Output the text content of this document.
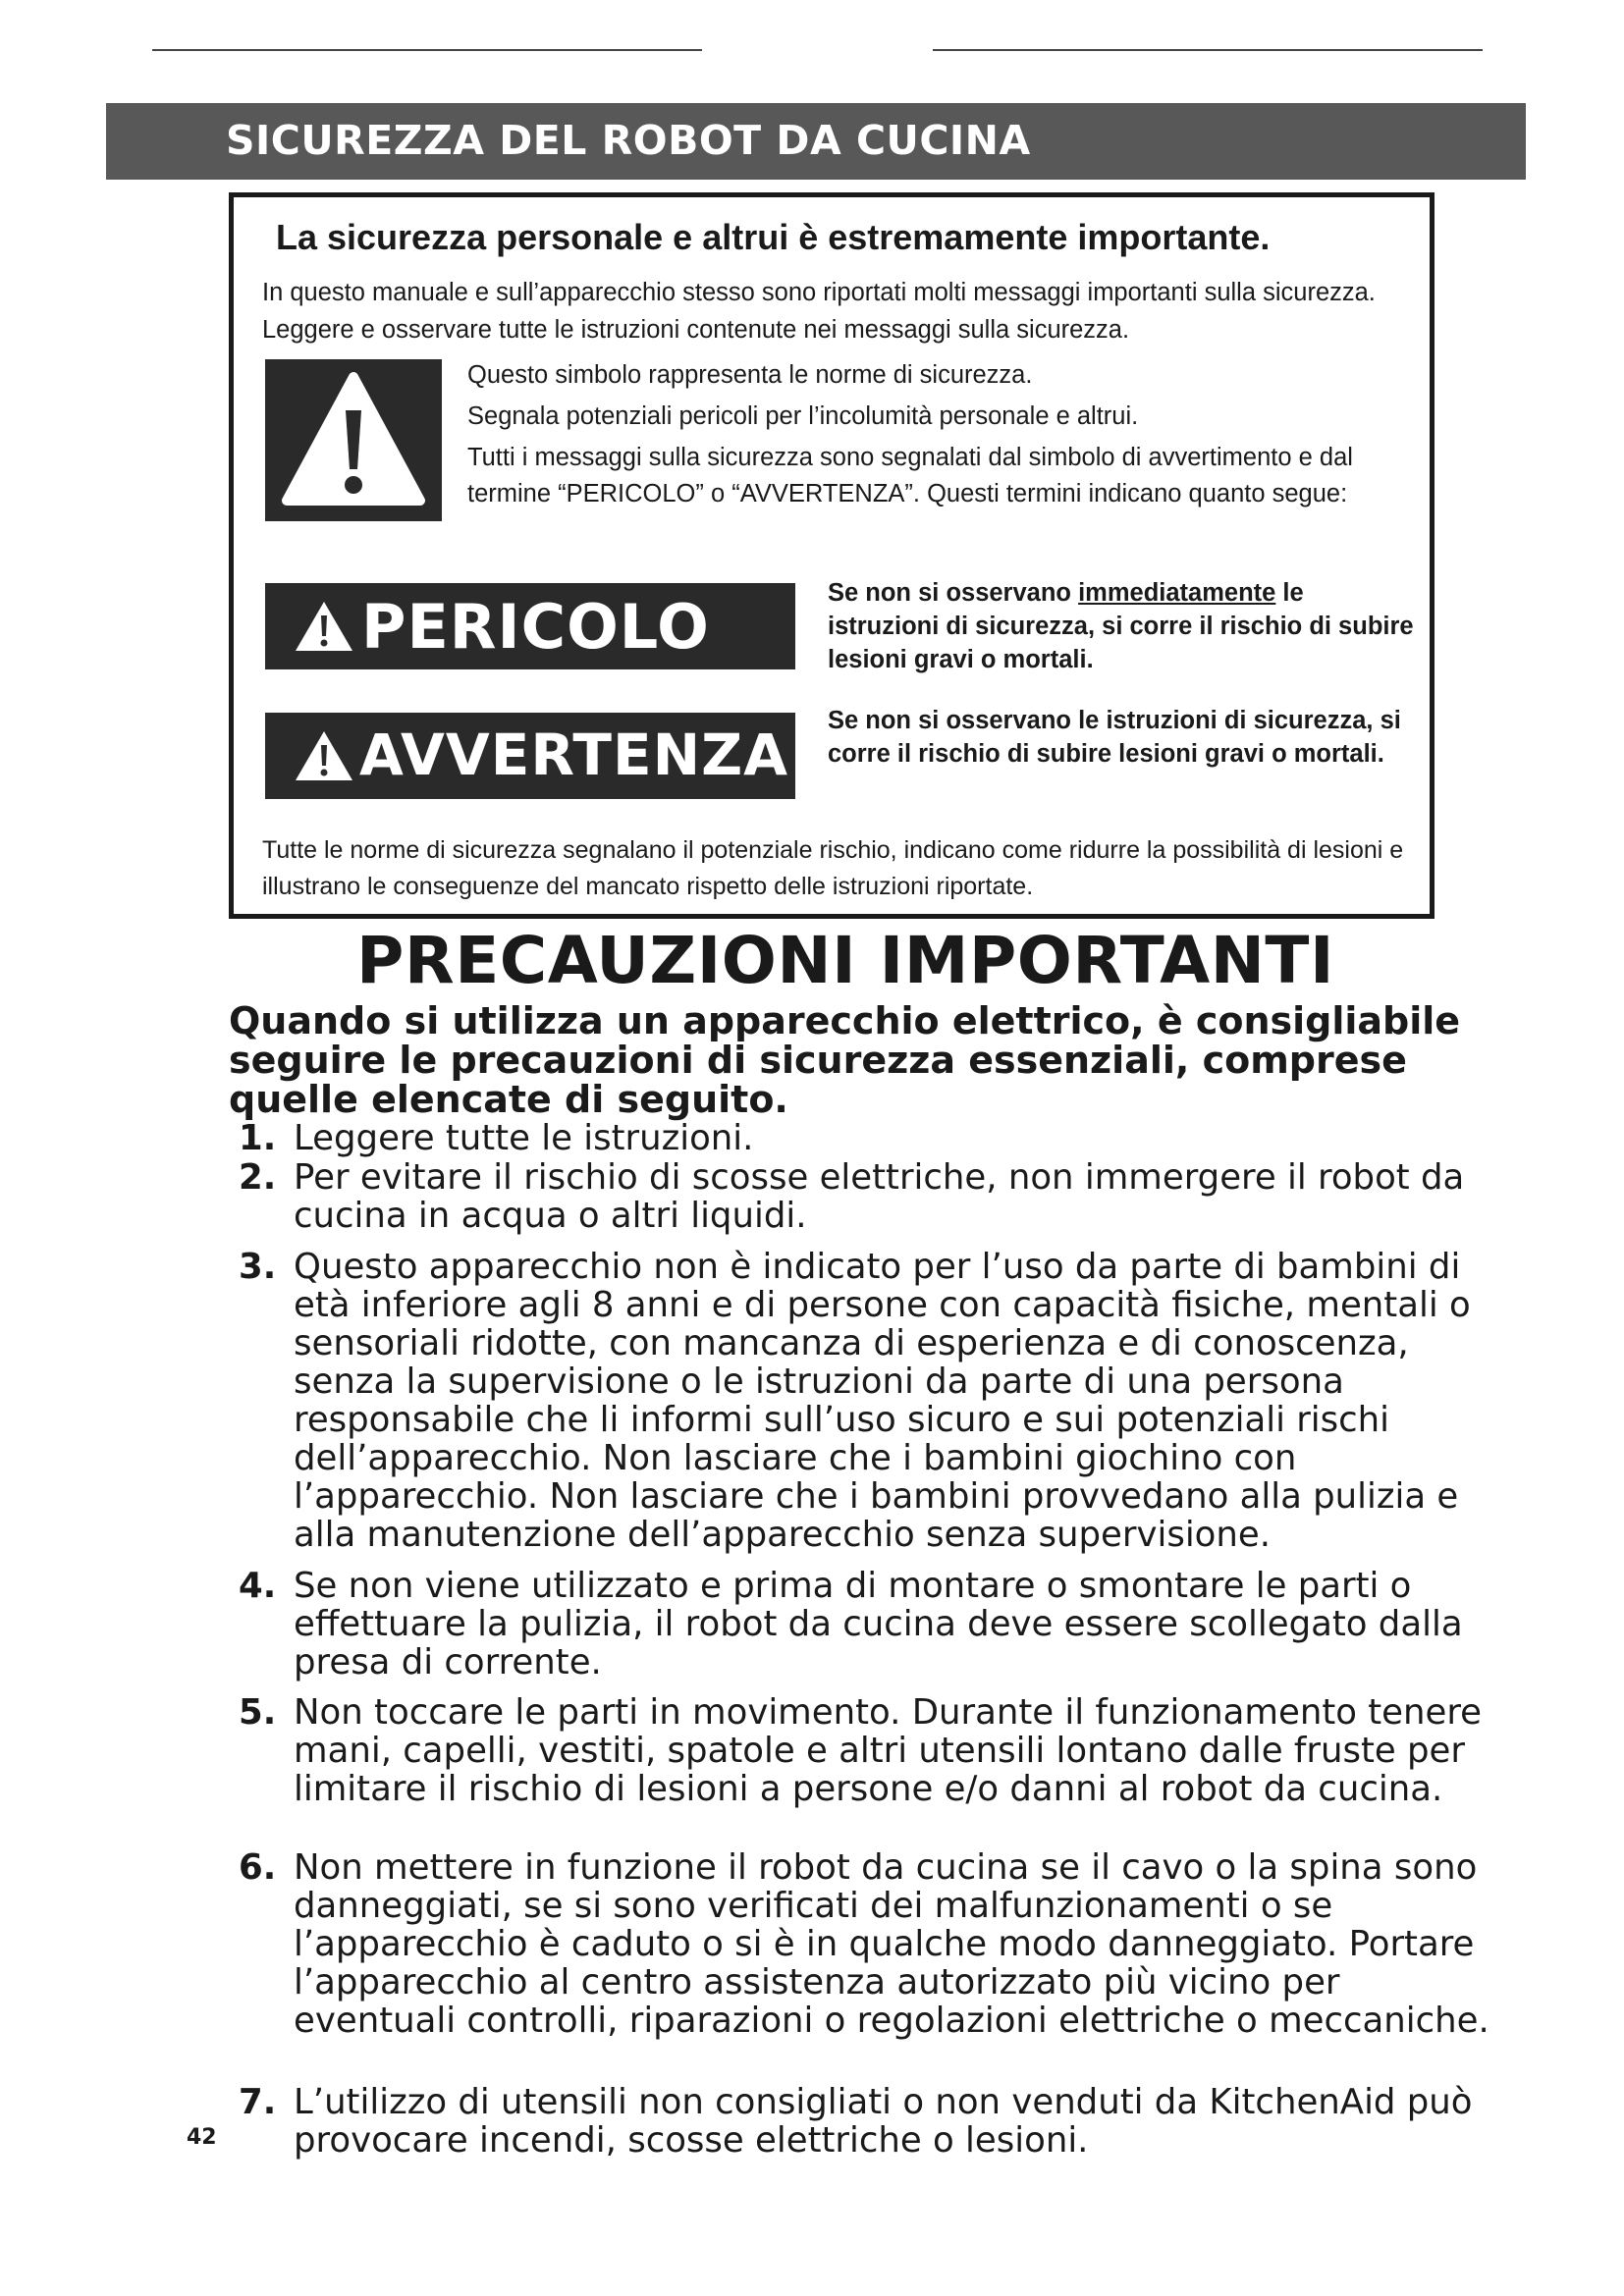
SICUREZZA DEL ROBOT DA CUCINA
La sicurezza personale e altrui è estremamente importante.
In questo manuale e sull’apparecchio stesso sono riportati molti messaggi importanti sulla sicurezza. Leggere e osservare tutte le istruzioni contenute nei messaggi sulla sicurezza.

Questo simbolo rappresenta le norme di sicurezza.

Segnala potenziali pericoli per l’incolumità personale e altrui.

Tutti i messaggi sulla sicurezza sono segnalati dal simbolo di avvertimento e dal termine “PERICOLO” o “AVVERTENZA”. Questi termini indicano quanto segue:

PERICOLO	Se non si osservano immediatamente le istruzioni di sicurezza, si corre il rischio di subire lesioni gravi o mortali.
AVVERTENZA
Se non si osservano le istruzioni di sicurezza, si corre il rischio di subire lesioni gravi o mortali.
Tutte le norme di sicurezza segnalano il potenziale rischio, indicano come ridurre la possibilità di lesioni e illustrano le conseguenze del mancato rispetto delle istruzioni riportate.
PRECAUZIONI IMPORTANTI
Quando si utilizza un apparecchio elettrico, è consigliabile seguire le precauzioni di sicurezza essenziali, comprese quelle elencate di seguito.
1. Leggere tutte le istruzioni.
2. Per evitare il rischio di scosse elettriche, non immergere il robot da cucina in acqua o altri liquidi.
3. Questo apparecchio non è indicato per l’uso da parte di bambini di età inferiore agli 8 anni e di persone con capacità fisiche, mentali o sensoriali ridotte, con mancanza di esperienza e di conoscenza, senza la supervisione o le istruzioni da parte di una persona responsabile che li informi sull’uso sicuro e sui potenziali rischi dell’apparecchio. Non lasciare che i bambini giochino con l’apparecchio. Non lasciare che i bambini provvedano alla pulizia e alla manutenzione dell’apparecchio senza supervisione.
4. Se non viene utilizzato e prima di montare o smontare le parti o effettuare la pulizia, il robot da cucina deve essere scollegato dalla presa di corrente.
5. Non toccare le parti in movimento. Durante il funzionamento tenere mani, capelli, vestiti, spatole e altri utensili lontano dalle fruste per limitare il rischio di lesioni a persone e/o danni al robot da cucina.
6. Non mettere in funzione il robot da cucina se il cavo o la spina sono danneggiati, se si sono verificati dei malfunzionamenti o se l’apparecchio è caduto o si è in qualche modo danneggiato. Portare l’apparecchio al centro assistenza autorizzato più vicino per eventuali controlli, riparazioni o regolazioni elettriche o meccaniche.
7. L’utilizzo di utensili non consigliati o non venduti da KitchenAid può provocare incendi, scosse elettriche o lesioni.
42
